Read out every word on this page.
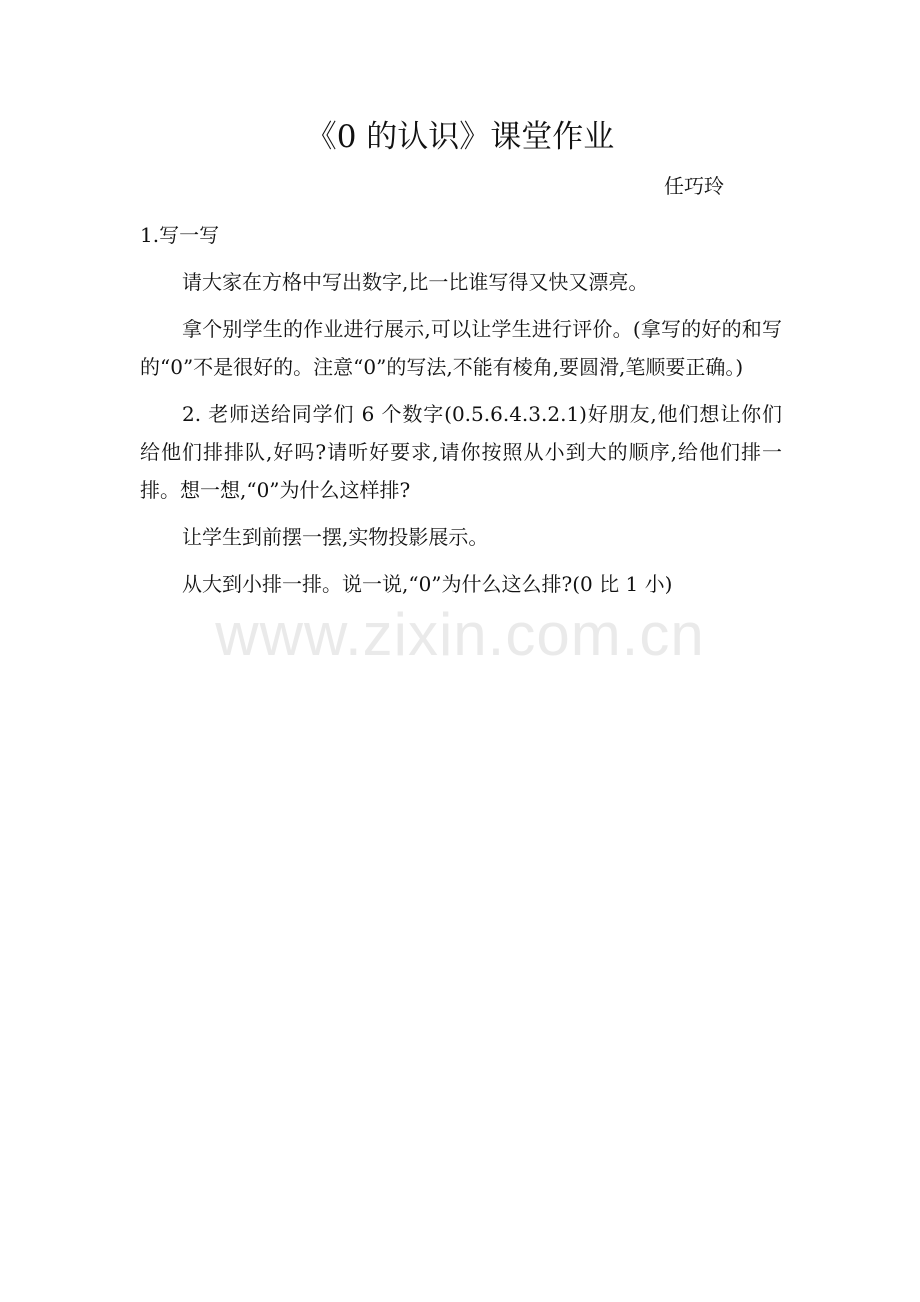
《0 的认识》课堂作业
任巧玲

1.写一写

请大家在方格中写出数字,比一比谁写得又快又漂亮。

拿个别学生的作业进行展示,可以让学生进行评价。(拿写的好的和写的“0”不是很好的。注意“0”的写法,不能有棱角,要圆滑,笔顺要正确。)

2. 老师送给同学们 6 个数字(0.5.6.4.3.2.1)好朋友,他们想让你们给他们排排队,好吗?请听好要求,请你按照从小到大的顺序,给他们排一排。想一想,“0”为什么这样排?

让学生到前摆一摆,实物投影展示。

从大到小排一排。说一说,“0”为什么这么排?(0 比 1 小)

www.zixin.com.cn
